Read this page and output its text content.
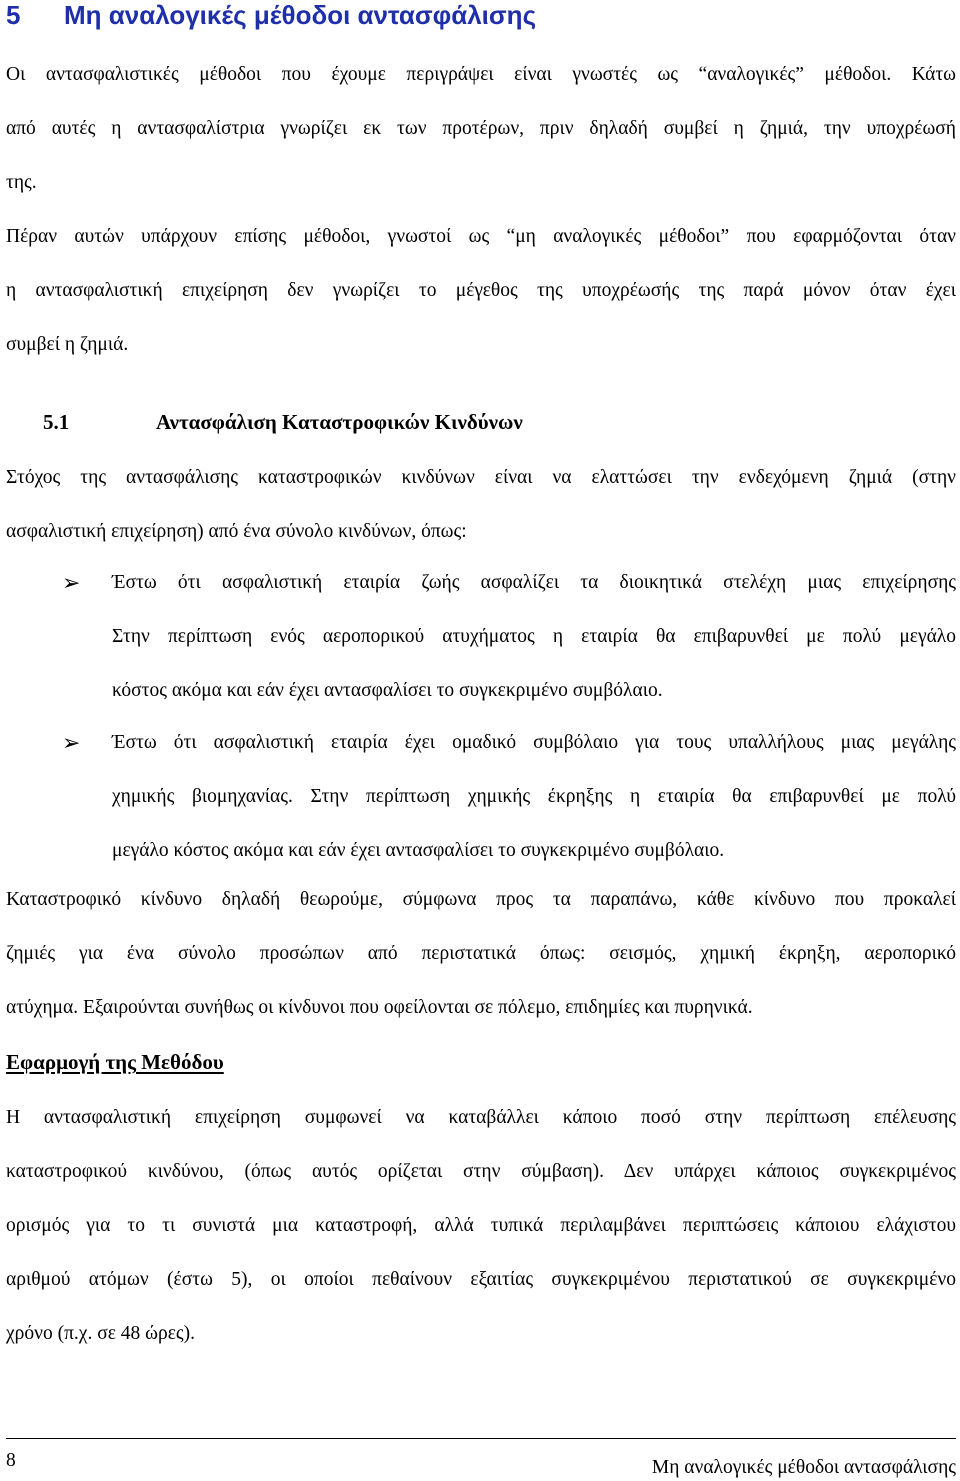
5 Μη αναλογικές μέθοδοι αντασφάλισης
Οι αντασφαλιστικές μέθοδοι που έχουμε περιγράψει είναι γνωστές ως “αναλογικές” μέθοδοι. Κάτω
από αυτές η αντασφαλίστρια γνωρίζει εκ των προτέρων, πριν δηλαδή συμβεί η ζημιά, την υποχρέωσή
της.
Πέραν αυτών υπάρχουν επίσης μέθοδοι, γνωστοί ως “μη αναλογικές μέθοδοι” που εφαρμόζονται όταν
η αντασφαλιστική επιχείρηση δεν γνωρίζει το μέγεθος της υποχρέωσής της παρά μόνον όταν έχει
συμβεί η ζημιά.
5.1	Αντασφάλιση Καταστροφικών Κινδύνων
Στόχος της αντασφάλισης καταστροφικών κινδύνων είναι να ελαττώσει την ενδεχόμενη ζημιά (στην
ασφαλιστική επιχείρηση) από ένα σύνολο κινδύνων, όπως:
➢ Έστω ότι ασφαλιστική εταιρία ζωής ασφαλίζει τα διοικητικά στελέχη μιας επιχείρησης
Στην περίπτωση ενός αεροπορικού ατυχήματος η εταιρία θα επιβαρυνθεί με πολύ μεγάλο
κόστος ακόμα και εάν έχει αντασφαλίσει το συγκεκριμένο συμβόλαιο.
➢ Έστω ότι ασφαλιστική εταιρία έχει ομαδικό συμβόλαιο για τους υπαλλήλους μιας μεγάλης
χημικής βιομηχανίας. Στην περίπτωση χημικής έκρηξης η εταιρία θα επιβαρυνθεί με πολύ
μεγάλο κόστος ακόμα και εάν έχει αντασφαλίσει το συγκεκριμένο συμβόλαιο.
Καταστροφικό κίνδυνο δηλαδή θεωρούμε, σύμφωνα προς τα παραπάνω, κάθε κίνδυνο που προκαλεί
ζημιές για ένα σύνολο προσώπων από περιστατικά όπως: σεισμός, χημική έκρηξη, αεροπορικό
ατύχημα. Εξαιρούνται συνήθως οι κίνδυνοι που οφείλονται σε πόλεμο, επιδημίες και πυρηνικά.
Εφαρμογή της Μεθόδου
Η αντασφαλιστική επιχείρηση συμφωνεί να καταβάλλει κάποιο ποσό στην περίπτωση επέλευσης
καταστροφικού κινδύνου, (όπως αυτός ορίζεται στην σύμβαση). Δεν υπάρχει κάποιος συγκεκριμένος
ορισμός για το τι συνιστά μια καταστροφή, αλλά τυπικά περιλαμβάνει περιπτώσεις κάποιου ελάχιστου
αριθμού ατόμων (έστω 5), οι οποίοι πεθαίνουν εξαιτίας συγκεκριμένου περιστατικού σε συγκεκριμένο
χρόνο (π.χ. σε 48 ώρες).
8	Μη αναλογικές μέθοδοι αντασφάλισης
